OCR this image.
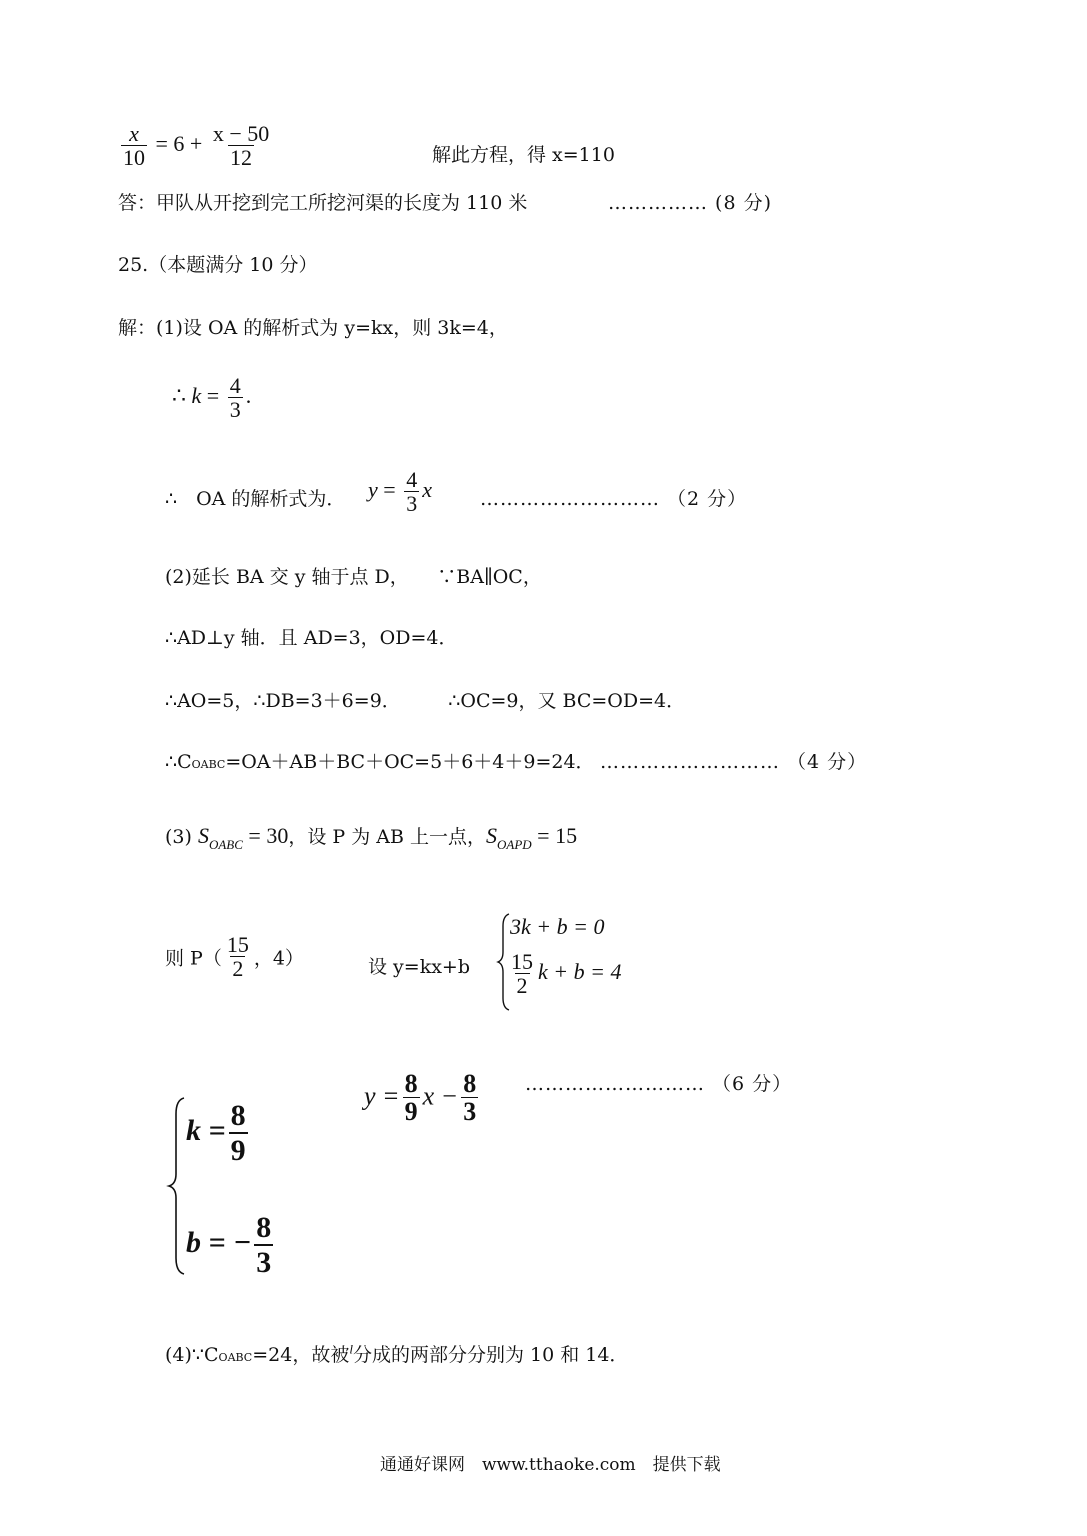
$\frac{x}{10} = 6 + \frac{x - 50}{12}$	解此方程，得 x=110
答：甲队从开挖到完工所挖河渠的长度为 110 米	…………… (8 分)
25.（本题满分 10 分）
解：(1)设 OA 的解析式为 y=kx，则 3k=4，
∴ $k = \frac{4}{3}$ .
∴　OA 的解析式为． $y = \frac{4}{3}$ x	……………………… （2 分）
(2)延长 BA 交 y 轴于点 D，　　∵BA∥OC，
∴AD⊥y 轴．且 AD=3，OD=4．
∴AO=5，∴DB=3＋6=9．　　　∴OC=9，又 BC=OD=4．
∴COABC=OA＋AB＋BC＋OC=5＋6＋4＋9=24． ……………………… （4 分）
(3) $S_{OABC} = 30$，设 P 为 AB 上一点，$S_{OAPD} = 15$
则 $P( \frac{15}{2}$ ，4）	设 y=kx+b
3k + b = 0
$\frac{15}{2}$ k + b = 4
……………………… （6 分）
$k = \frac{8}{9}$
b = − $\frac{8}{3}$
$y = \frac{8}{9}$ $x - \frac{8}{3}$
(4)∵COABC=24，故被$^l$分成的两部分分别为 10 和 14．
通通好课网　www.tthaoke.com　提供下载
